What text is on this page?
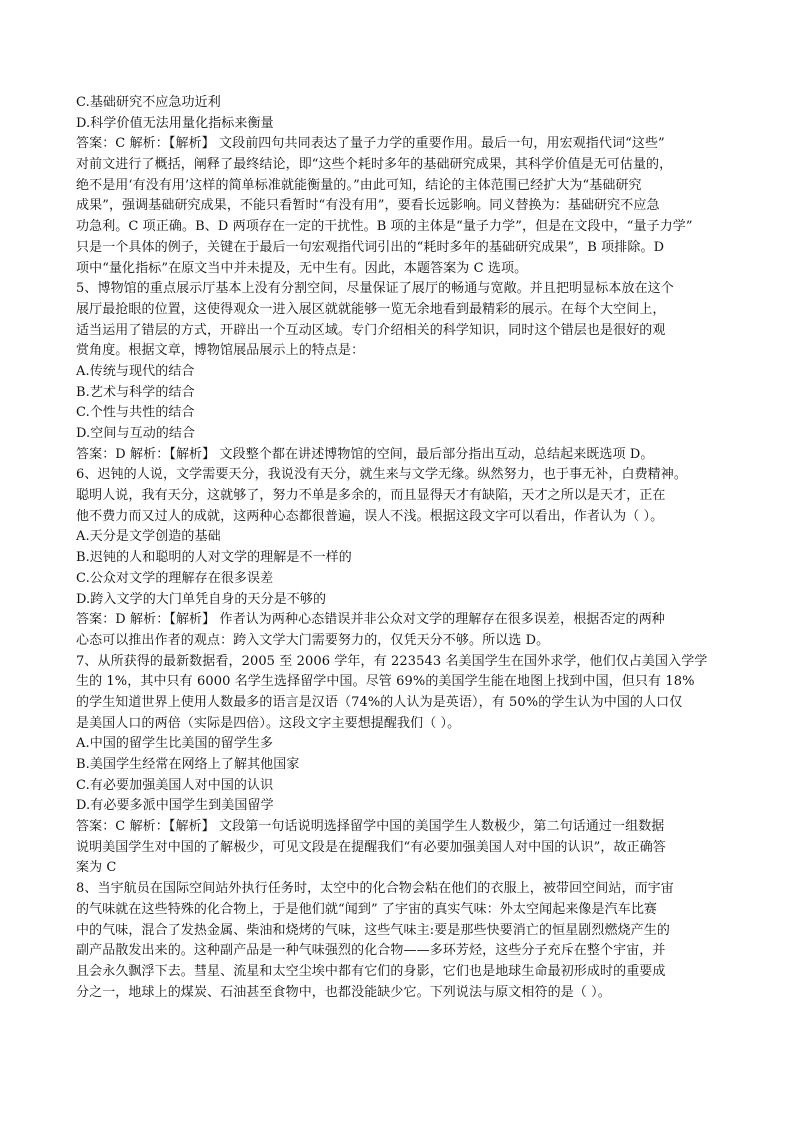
C.基础研究不应急功近利
D.科学价值无法用量化指标来衡量
答案：C 解析：【解析】 文段前四句共同表达了量子力学的重要作用。最后一句，用宏观指代词“这些”
对前文进行了概括，阐释了最终结论，即“这些个耗时多年的基础研究成果，其科学价值是无可估量的，
绝不是用‘有没有用’这样的简单标准就能衡量的。”由此可知，结论的主体范围已经扩大为“基础研究
成果”，强调基础研究成果，不能只看暂时“有没有用”，要看长远影响。同义替换为：基础研究不应急
功急利。C 项正确。B、D 两项存在一定的干扰性。B 项的主体是“量子力学”，但是在文段中，“量子力学”
只是一个具体的例子，关键在于最后一句宏观指代词引出的“耗时多年的基础研究成果”，B 项排除。D
项中“量化指标”在原文当中并未提及，无中生有。因此，本题答案为 C 选项。
5、博物馆的重点展示厅基本上没有分割空间，尽量保证了展厅的畅通与宽敞。并且把明显标本放在这个
展厅最抢眼的位置，这使得观众一进入展区就就能够一览无余地看到最精彩的展示。在每个大空间上，
适当运用了错层的方式，开辟出一个互动区域。专门介绍相关的科学知识，同时这个错层也是很好的观
赏角度。根据文章，博物馆展品展示上的特点是：
A.传统与现代的结合
B.艺术与科学的结合
C.个性与共性的结合
D.空间与互动的结合
答案：D 解析：【解析】 文段整个都在讲述博物馆的空间，最后部分指出互动，总结起来既选项 D。
6、迟钝的人说，文学需要天分，我说没有天分，就生来与文学无缘。纵然努力，也于事无补，白费精神。
聪明人说，我有天分，这就够了，努力不单是多余的，而且显得天才有缺陷，天才之所以是天才，正在
他不费力而又过人的成就，这两种心态都很普遍，误人不浅。根据这段文字可以看出，作者认为（ ）。
A.天分是文学创造的基础
B.迟钝的人和聪明的人对文学的理解是不一样的
C.公众对文学的理解存在很多误差
D.跨入文学的大门单凭自身的天分是不够的
答案：D 解析：【解析】 作者认为两种心态错误并非公众对文学的理解存在很多误差，根据否定的两种
心态可以推出作者的观点：跨入文学大门需要努力的，仅凭天分不够。所以选 D。
7、从所获得的最新数据看，2005 至 2006 学年，有 223543 名美国学生在国外求学，他们仅占美国入学学
生的 1%，其中只有 6000 名学生选择留学中国。尽管 69%的美国学生能在地图上找到中国，但只有 18%
的学生知道世界上使用人数最多的语言是汉语（74%的人认为是英语），有 50%的学生认为中国的人口仅
是美国人口的两倍（实际是四倍）。这段文字主要想提醒我们（ ）。
A.中国的留学生比美国的留学生多
B.美国学生经常在网络上了解其他国家
C.有必要加强美国人对中国的认识
D.有必要多派中国学生到美国留学
答案：C 解析：【解析】 文段第一句话说明选择留学中国的美国学生人数极少，第二句话通过一组数据
说明美国学生对中国的了解极少，可见文段是在提醒我们“有必要加强美国人对中国的认识”，故正确答
案为 C
8、当宇航员在国际空间站外执行任务时，太空中的化合物会粘在他们的衣服上，被带回空间站，而宇宙
的气味就在这些特殊的化合物上，于是他们就“闻到” 了宇宙的真实气味：外太空闻起来像是汽车比赛
中的气味，混合了发热金属、柴油和烧烤的气味，这些气味主:要是那些快要消亡的恒星剧烈燃烧产生的
副产品散发出来的。这种副产品是一种气味强烈的化合物——多环芳烃，这些分子充斥在整个宇宙，并
且会永久飘浮下去。彗星、流星和太空尘埃中都有它们的身影，它们也是地球生命最初形成时的重要成
分之一，地球上的煤炭、石油甚至食物中，也都没能缺少它。下列说法与原文相符的是（ ）。
